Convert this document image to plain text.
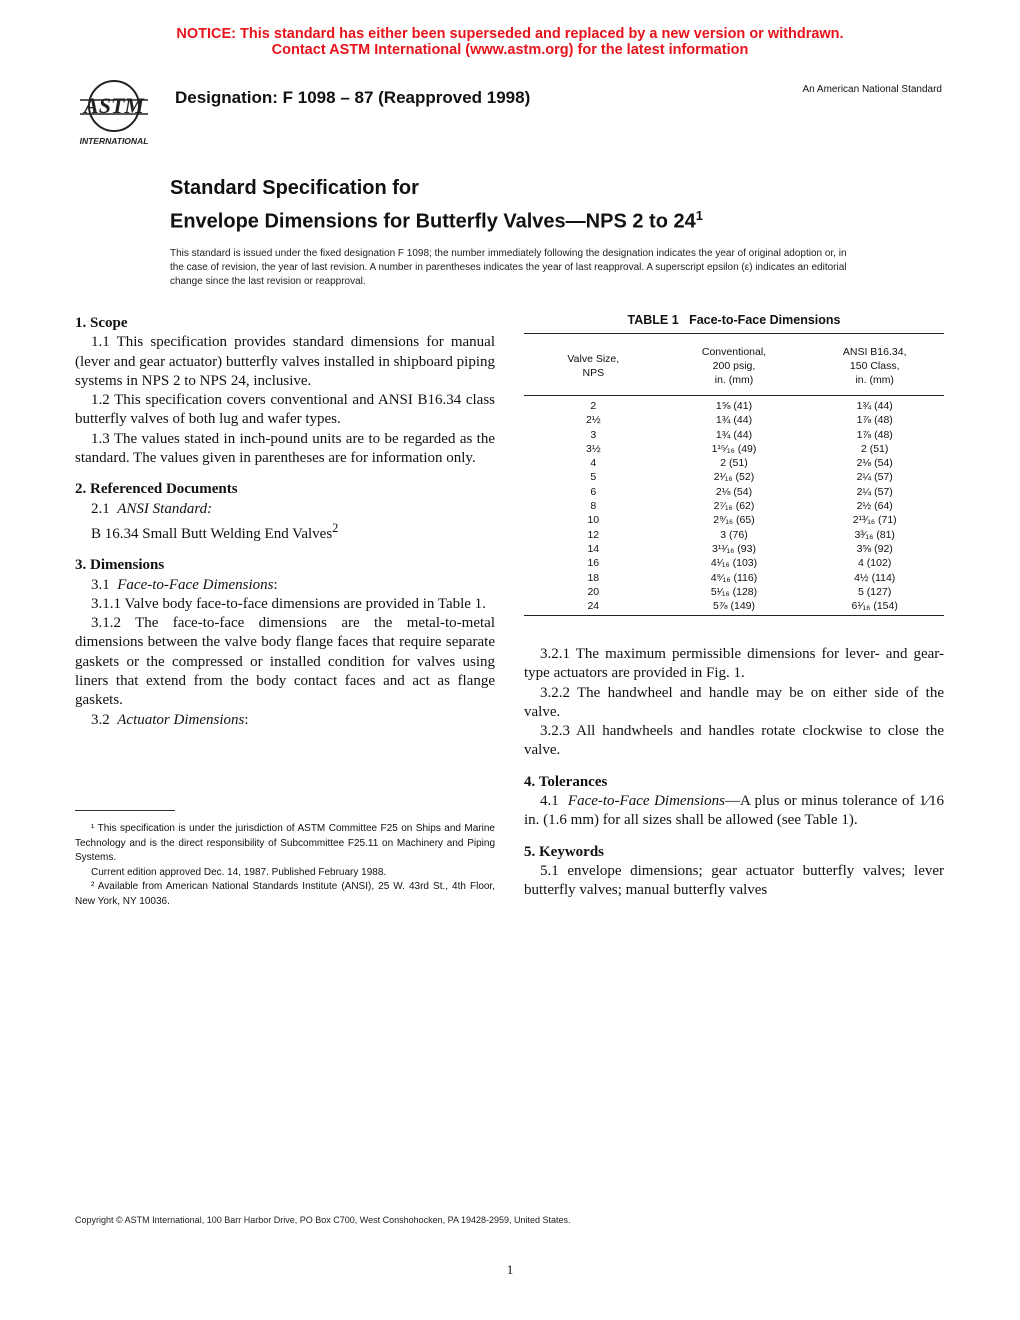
NOTICE: This standard has either been superseded and replaced by a new version or withdrawn.
Contact ASTM International (www.astm.org) for the latest information
ASTM
INTERNATIONAL
Designation: F 1098 – 87 (Reapproved 1998)	An American National Standard
Standard Specification for
Envelope Dimensions for Butterfly Valves—NPS 2 to $24^1$
This standard is issued under the fixed designation F 1098; the number immediately following the designation indicates the year of original adoption or, in the case of revision, the year of last revision. A number in parentheses indicates the year of last reapproval. A superscript epsilon (ε) indicates an editorial change since the last revision or reapproval.
1. Scope

1.1 This specification provides standard dimensions for manual (lever and gear actuator) butterfly valves installed in shipboard piping systems in NPS 2 to NPS 24, inclusive.

1.2 This specification covers conventional and ANSI B16.34 class butterfly valves of both lug and wafer types.

1.3 The values stated in inch-pound units are to be regarded as the standard. The values given in parentheses are for information only.

2. Referenced Documents

2.1 ANSI Standard:

B 16.34 Small Butt Welding End Valves$^2$

3. Dimensions

3.1 Face-to-Face Dimensions:

3.1.1 Valve body face-to-face dimensions are provided in Table 1.

3.1.2 The face-to-face dimensions are the metal-to-metal dimensions between the valve body flange faces that require separate gaskets or the compressed or installed condition for valves using liners that extend from the body contact faces and act as flange gaskets.

3.2 Actuator Dimensions:

¹ This specification is under the jurisdiction of ASTM Committee F25 on Ships and Marine Technology and is the direct responsibility of Subcommittee F25.11 on Machinery and Piping Systems.

Current edition approved Dec. 14, 1987. Published February 1988.

² Available from American National Standards Institute (ANSI), 25 W. 43rd St., 4th Floor, New York, NY 10036.

TABLE 1   Face-to-Face Dimensions
Valve Size,
NPS	Conventional,
200 psig,
in. (mm)	ANSI B16.34,
150 Class,
in. (mm)
2	1⅝ (41)	1¾ (44)
2½	1¾ (44)	1⅞ (48)
3	1¾ (44)	1⅞ (48)
3½	1¹⁵⁄₁₆ (49)	2 (51)
4	2 (51)	2⅛ (54)
5	2¹⁄₁₆ (52)	2¼ (57)
6	2⅛ (54)	2¼ (57)
8	2⁷⁄₁₆ (62)	2½ (64)
10	2⁹⁄₁₆ (65)	2¹³⁄₁₆ (71)
12	3 (76)	3³⁄₁₆ (81)
14	3¹¹⁄₁₆ (93)	3⅝ (92)
16	4¹⁄₁₆ (103)	4 (102)
18	4⁹⁄₁₆ (116)	4½ (114)
20	5¹⁄₁₆ (128)	5 (127)
24	5⅞ (149)	6¹⁄₁₆ (154)

3.2.1 The maximum permissible dimensions for lever- and gear-type actuators are provided in Fig. 1.

3.2.2 The handwheel and handle may be on either side of the valve.

3.2.3 All handwheels and handles rotate clockwise to close the valve.

4. Tolerances

4.1 Face-to-Face Dimensions—A plus or minus tolerance of 1⁄16 in. (1.6 mm) for all sizes shall be allowed (see Table 1).

5. Keywords

5.1 envelope dimensions; gear actuator butterfly valves; lever butterfly valves; manual butterfly valves

Copyright © ASTM International, 100 Barr Harbor Drive, PO Box C700, West Conshohocken, PA 19428-2959, United States.
1
